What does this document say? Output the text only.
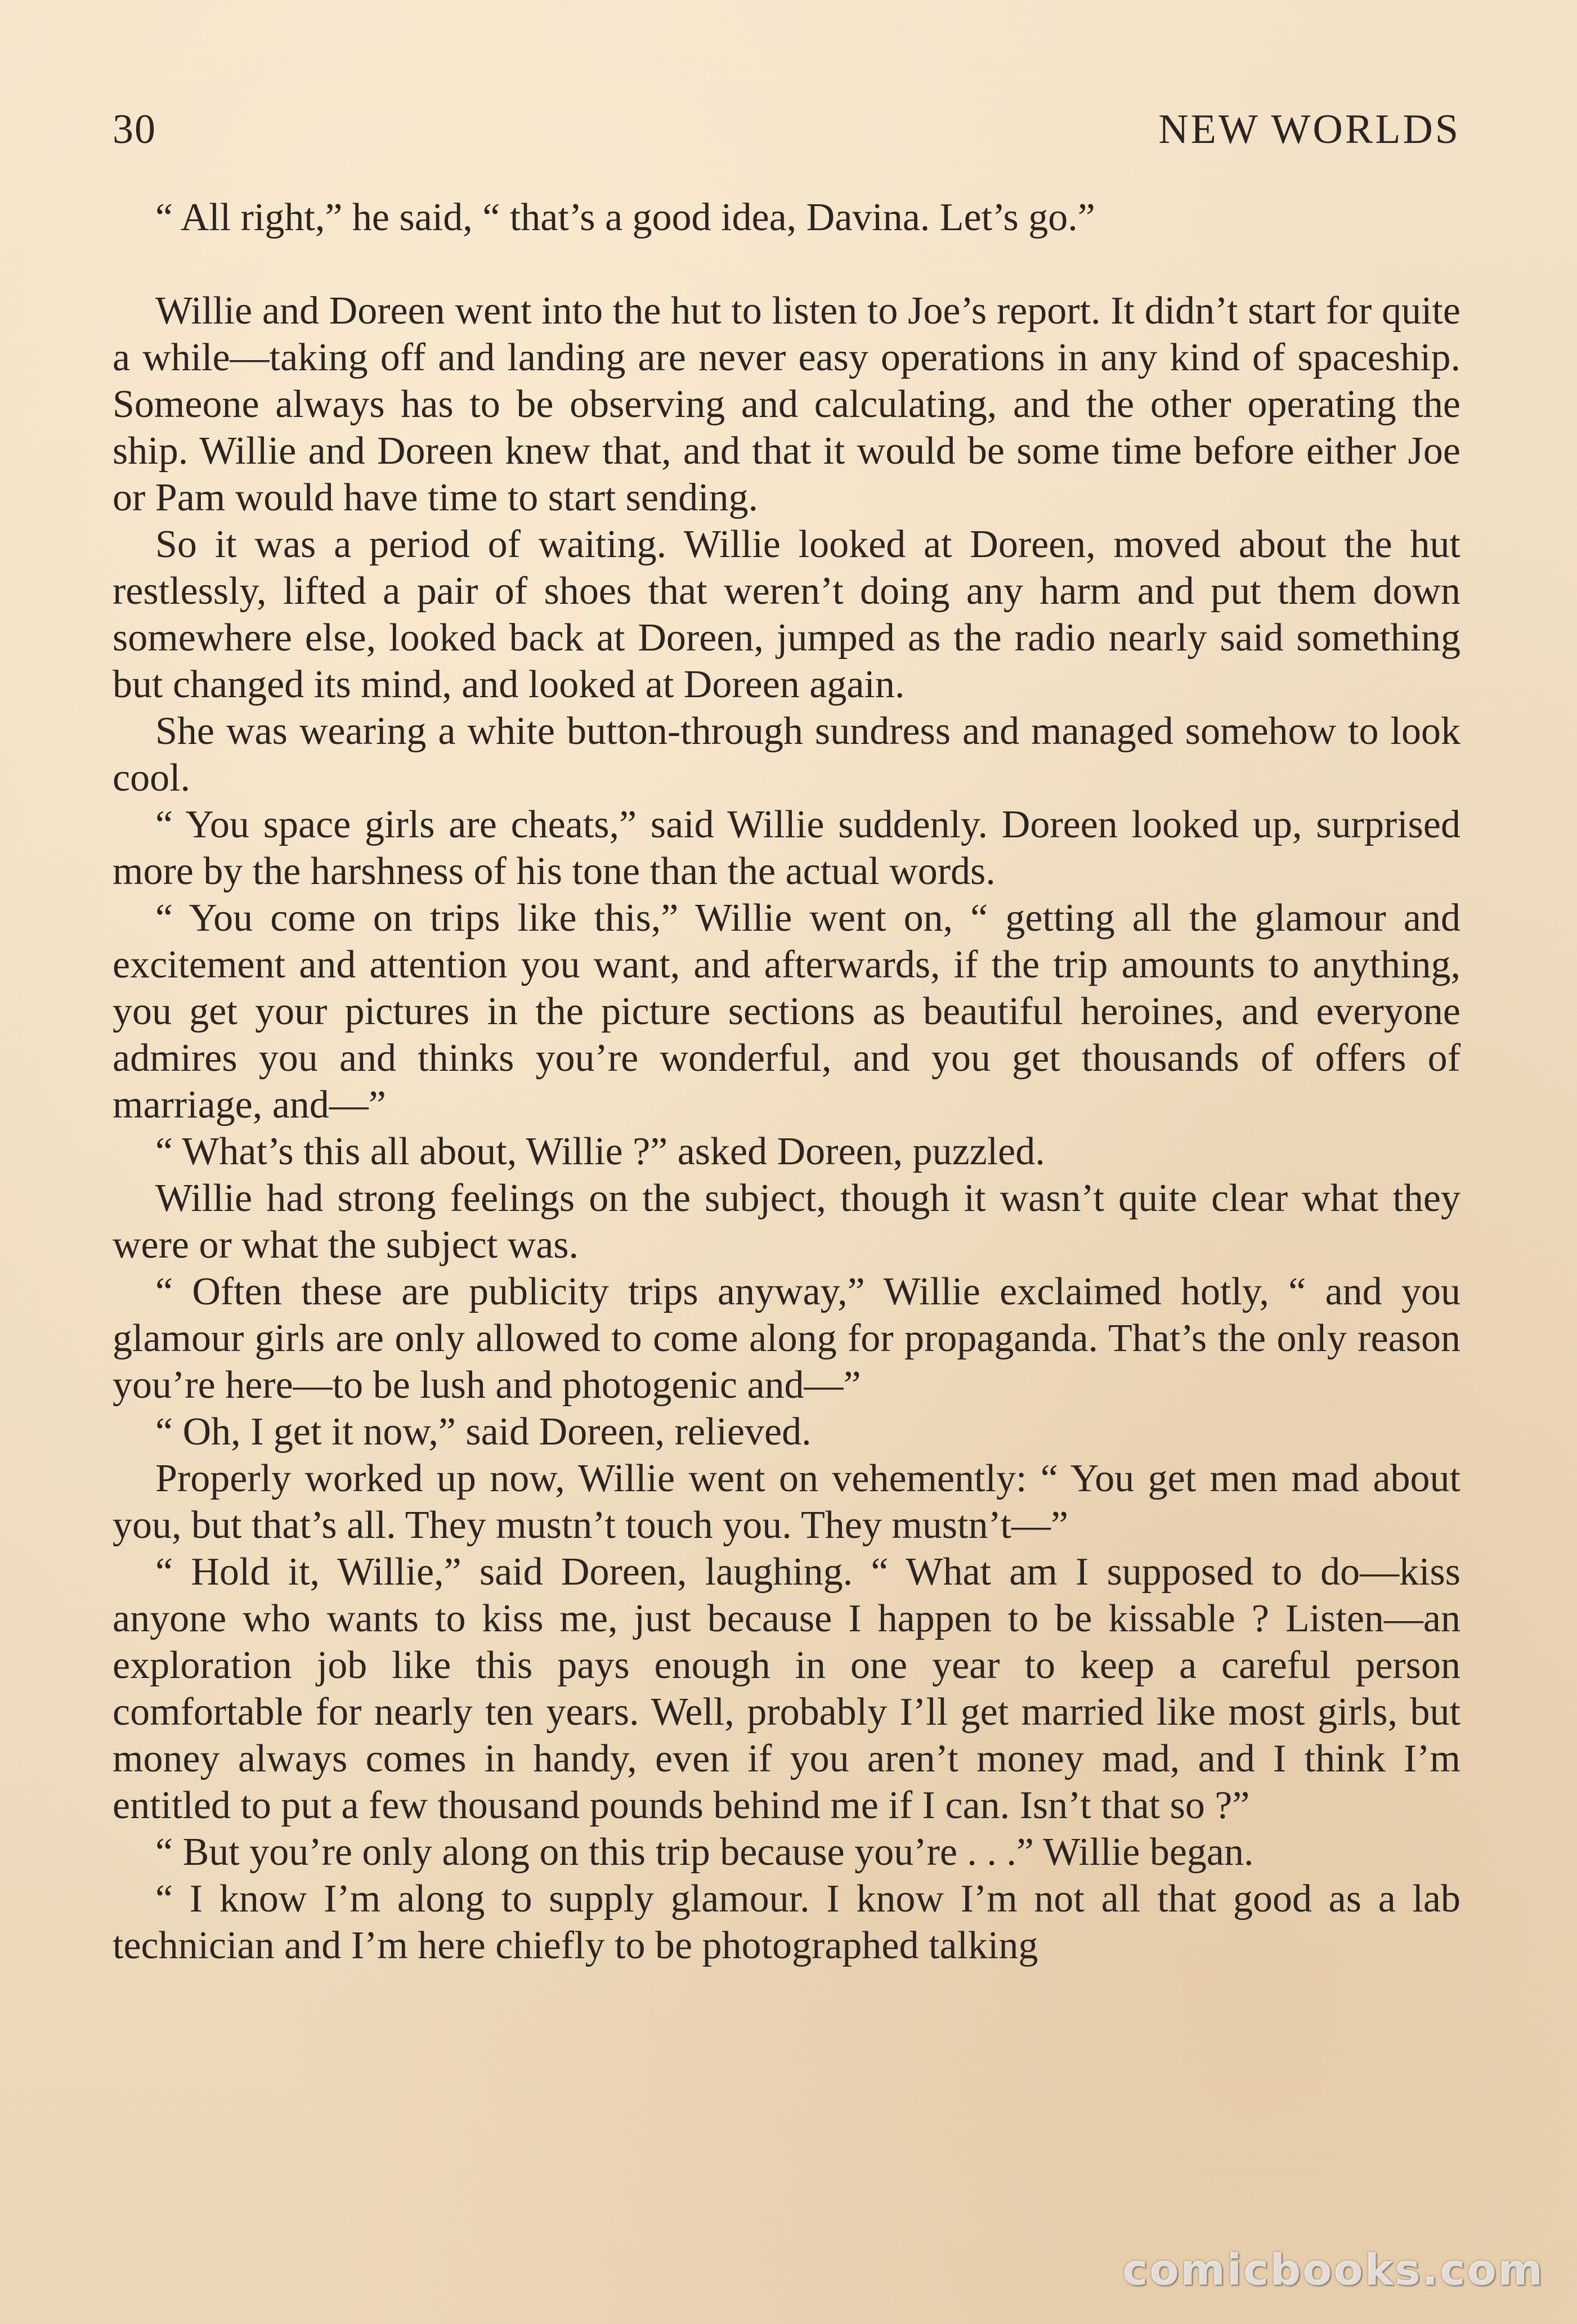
30	NEW WORLDS

“ All right,” he said, “ that’s a good idea, Davina. Let’s go.”

Willie and Doreen went into the hut to listen to Joe’s report. It didn’t start for quite a while—taking off and landing are never easy operations in any kind of spaceship. Someone always has to be observing and calculating, and the other operating the ship. Willie and Doreen knew that, and that it would be some time before either Joe or Pam would have time to start sending.

So it was a period of waiting. Willie looked at Doreen, moved about the hut restlessly, lifted a pair of shoes that weren’t doing any harm and put them down somewhere else, looked back at Doreen, jumped as the radio nearly said something but changed its mind, and looked at Doreen again.

She was wearing a white button-through sundress and managed somehow to look cool.

“ You space girls are cheats,” said Willie suddenly. Doreen looked up, surprised more by the harshness of his tone than the actual words.

“ You come on trips like this,” Willie went on, “ getting all the glamour and excitement and attention you want, and afterwards, if the trip amounts to anything, you get your pictures in the picture sections as beautiful heroines, and everyone admires you and thinks you’re wonderful, and you get thousands of offers of marriage, and—”

“ What’s this all about, Willie ?” asked Doreen, puzzled.

Willie had strong feelings on the subject, though it wasn’t quite clear what they were or what the subject was.

“ Often these are publicity trips anyway,” Willie exclaimed hotly, “ and you glamour girls are only allowed to come along for propaganda. That’s the only reason you’re here—to be lush and photogenic and—”

“ Oh, I get it now,” said Doreen, relieved.

Properly worked up now, Willie went on vehemently: “ You get men mad about you, but that’s all. They mustn’t touch you. They mustn’t—”

“ Hold it, Willie,” said Doreen, laughing. “ What am I supposed to do—kiss anyone who wants to kiss me, just because I happen to be kissable ? Listen—an exploration job like this pays enough in one year to keep a careful person comfortable for nearly ten years. Well, probably I’ll get married like most girls, but money always comes in handy, even if you aren’t money mad, and I think I’m entitled to put a few thousand pounds behind me if I can. Isn’t that so ?”

“ But you’re only along on this trip because you’re . . .” Willie began.

“ I know I’m along to supply glamour. I know I’m not all that good as a lab technician and I’m here chiefly to be photographed talking

comicbooks.com
